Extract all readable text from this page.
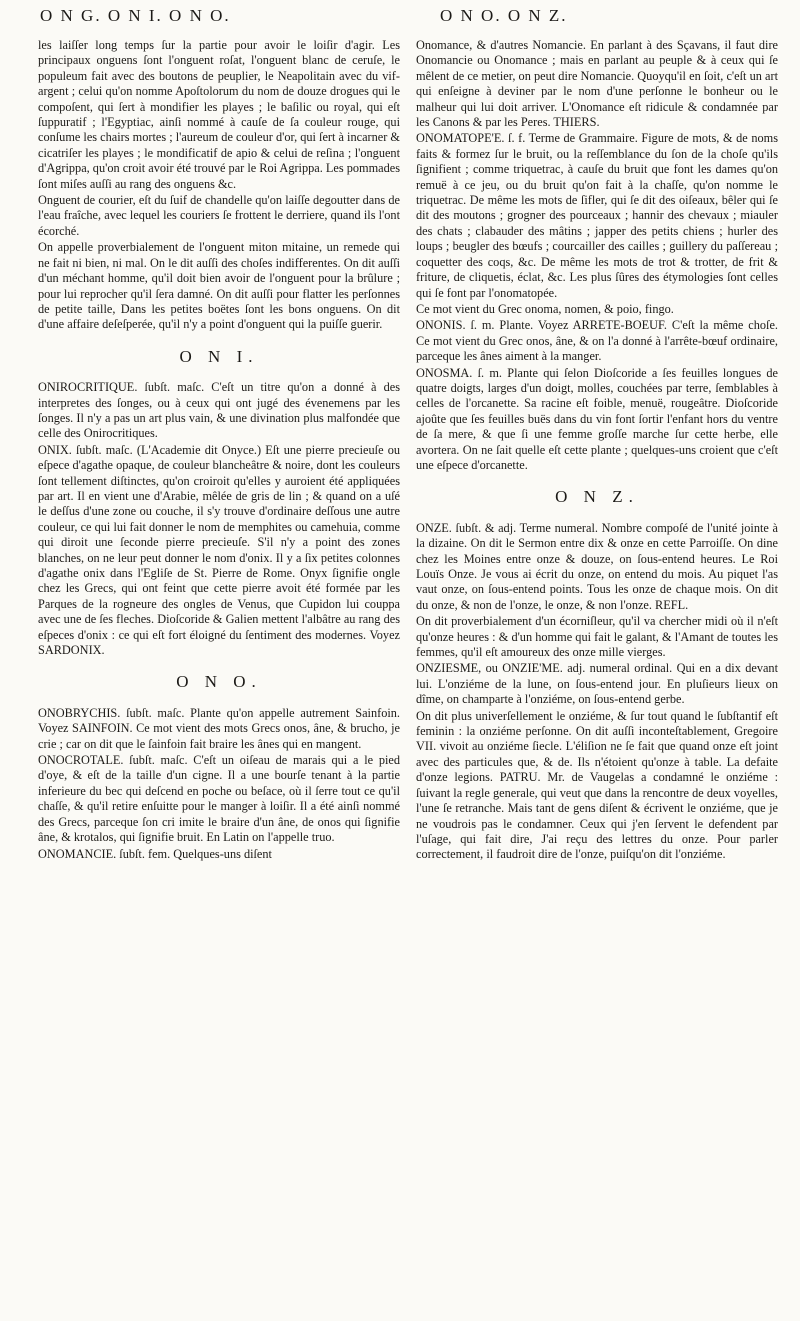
O N G. O N I. O N O.	O N O. O N Z.

les laiſſer long temps ſur la partie pour avoir le loiſir d'agir. Les principaux onguens ſont l'onguent roſat, l'onguent blanc de ceruſe, le populeum fait avec des boutons de peuplier, le Neapolitain avec du vif-argent ; celui qu'on nomme Apoſtolorum du nom de douze drogues qui le compoſent, qui ſert à mondifier les playes ; le baſilic ou royal, qui eſt ſuppuratif ; l'Egyptiac, ainſi nommé à cauſe de ſa couleur rouge, qui conſume les chairs mortes ; l'aureum de couleur d'or, qui ſert à incarner & cicatriſer les playes ; le mondificatif de apio & celui de reſina ; l'onguent d'Agrippa, qu'on croit avoir été trouvé par le Roi Agrippa. Les pommades ſont miſes auſſi au rang des onguens &c.

Onguent de courier, eſt du ſuif de chandelle qu'on laiſſe degoutter dans de l'eau fraîche, avec lequel les couriers ſe frottent le derriere, quand ils l'ont écorché.

On appelle proverbialement de l'onguent miton mitaine, un remede qui ne fait ni bien, ni mal. On le dit auſſi des choſes indifferentes. On dit auſſi d'un méchant homme, qu'il doit bien avoir de l'onguent pour la brûlure ; pour lui reprocher qu'il ſera damné. On dit auſſi pour flatter les perſonnes de petite taille, Dans les petites boëtes ſont les bons onguens. On dit d'une affaire deſeſperée, qu'il n'y a point d'onguent qui la puiſſe guerir.

O N I.

ONIROCRITIQUE. ſubſt. maſc. C'eſt un titre qu'on a donné à des interpretes des ſonges, ou à ceux qui ont jugé des évenemens par les ſonges. Il n'y a pas un art plus vain, & une divination plus malfondée que celle des Onirocritiques.

ONIX. ſubſt. maſc. (L'Academie dit Onyce.) Eſt une pierre precieuſe ou eſpece d'agathe opaque, de couleur blancheâtre & noire, dont les couleurs ſont tellement diſtinctes, qu'on croiroit qu'elles y auroient été appliquées par art. Il en vient une d'Arabie, mêlée de gris de lin ; & quand on a uſé le deſſus d'une zone ou couche, il s'y trouve d'ordinaire deſſous une autre couleur, ce qui lui fait donner le nom de memphites ou camehuia, comme qui diroit une ſeconde pierre precieuſe. S'il n'y a point des zones blanches, on ne leur peut donner le nom d'onix. Il y a ſix petites colonnes d'agathe onix dans l'Egliſe de St. Pierre de Rome. Onyx ſignifie ongle chez les Grecs, qui ont feint que cette pierre avoit été formée par les Parques de la rogneure des ongles de Venus, que Cupidon lui couppa avec une de ſes fleches. Dioſcoride & Galien mettent l'albâtre au rang des eſpeces d'onix : ce qui eſt fort éloigné du ſentiment des modernes. Voyez SARDONIX.

O N O.

ONOBRYCHIS. ſubſt. maſc. Plante qu'on appelle autrement Sainfoin. Voyez SAINFOIN. Ce mot vient des mots Grecs onos, âne, & brucho, je crie ; car on dit que le ſainfoin fait braire les ânes qui en mangent.

ONOCROTALE. ſubſt. maſc. C'eſt un oiſeau de marais qui a le pied d'oye, & eſt de la taille d'un cigne. Il a une bourſe tenant à la partie inferieure du bec qui deſcend en poche ou beſace, où il ſerre tout ce qu'il chaſſe, & qu'il retire enſuitte pour le manger à loiſir. Il a été ainſi nommé des Grecs, parceque ſon cri imite le braire d'un âne, de onos qui ſignifie âne, & krotalos, qui ſignifie bruit. En Latin on l'appelle truo.

ONOMANCIE. ſubſt. fem. Quelques-uns diſent

Onomance, & d'autres Nomancie. En parlant à des Sçavans, il faut dire Onomancie ou Onomance ; mais en parlant au peuple & à ceux qui ſe mêlent de ce metier, on peut dire Nomancie. Quoyqu'il en ſoit, c'eſt un art qui enſeigne à deviner par le nom d'une perſonne le bonheur ou le malheur qui lui doit arriver. L'Onomance eſt ridicule & condamnée par les Canons & par les Peres. THIERS.

ONOMATOPE'E. ſ. f. Terme de Grammaire. Figure de mots, & de noms faits & formez ſur le bruit, ou la reſſemblance du ſon de la choſe qu'ils ſignifient ; comme triquetrac, à cauſe du bruit que font les dames qu'on remuë à ce jeu, ou du bruit qu'on fait à la chaſſe, qu'on nomme le triquetrac. De même les mots de ſifler, qui ſe dit des oiſeaux, bêler qui ſe dit des moutons ; grogner des pourceaux ; hannir des chevaux ; miauler des chats ; clabauder des mâtins ; japper des petits chiens ; hurler des loups ; beugler des bœufs ; courcailler des cailles ; guillery du paſſereau ; coquetter des coqs, &c. De même les mots de trot & trotter, de frit & friture, de cliquetis, éclat, &c. Les plus ſûres des étymologies ſont celles qui ſe font par l'onomatopée.

Ce mot vient du Grec onoma, nomen, & poio, fingo.

ONONIS. ſ. m. Plante. Voyez ARRETE-BOEUF. C'eſt la même choſe. Ce mot vient du Grec onos, âne, & on l'a donné à l'arrête-bœuf ordinaire, parceque les ânes aiment à la manger.

ONOSMA. ſ. m. Plante qui ſelon Dioſcoride a ſes feuilles longues de quatre doigts, larges d'un doigt, molles, couchées par terre, ſemblables à celles de l'orcanette. Sa racine eſt foible, menuë, rougeâtre. Dioſcoride ajoûte que ſes feuilles buës dans du vin font ſortir l'enfant hors du ventre de ſa mere, & que ſi une femme groſſe marche ſur cette herbe, elle avortera. On ne ſait quelle eſt cette plante ; quelques-uns croient que c'eſt une eſpece d'orcanette.

O N Z.

ONZE. ſubſt. & adj. Terme numeral. Nombre compoſé de l'unité jointe à la dizaine. On dit le Sermon entre dix & onze en cette Parroiſſe. On dine chez les Moines entre onze & douze, on ſous-entend heures. Le Roi Louïs Onze. Je vous ai écrit du onze, on entend du mois. Au piquet l'as vaut onze, on ſous-entend points. Tous les onze de chaque mois. On dit du onze, & non de l'onze, le onze, & non l'onze. REFL.

On dit proverbialement d'un écorniſleur, qu'il va chercher midi où il n'eſt qu'onze heures : & d'un homme qui fait le galant, & l'Amant de toutes les femmes, qu'il eſt amoureux des onze mille vierges.

ONZIESME, ou ONZIE'ME. adj. numeral ordinal. Qui en a dix devant lui. L'onziéme de la lune, on ſous-entend jour. En pluſieurs lieux on dîme, on champarte à l'onziéme, on ſous-entend gerbe.

On dit plus univerſellement le onziéme, & ſur tout quand le ſubſtantif eſt feminin : la onziéme perſonne. On dit auſſi inconteſtablement, Gregoire VII. vivoit au onziéme ſiecle. L'éliſion ne ſe fait que quand onze eſt joint avec des particules que, & de. Ils n'étoient qu'onze à table. La defaite d'onze legions. PATRU. Mr. de Vaugelas a condamné le onziéme : ſuivant la regle generale, qui veut que dans la rencontre de deux voyelles, l'une ſe retranche. Mais tant de gens diſent & écrivent le onziéme, que je ne voudrois pas le condamner. Ceux qui j'en ſervent le defendent par l'uſage, qui fait dire, J'ai reçu des lettres du onze. Pour parler correctement, il faudroit dire de l'onze, puiſqu'on dit l'onziéme.
